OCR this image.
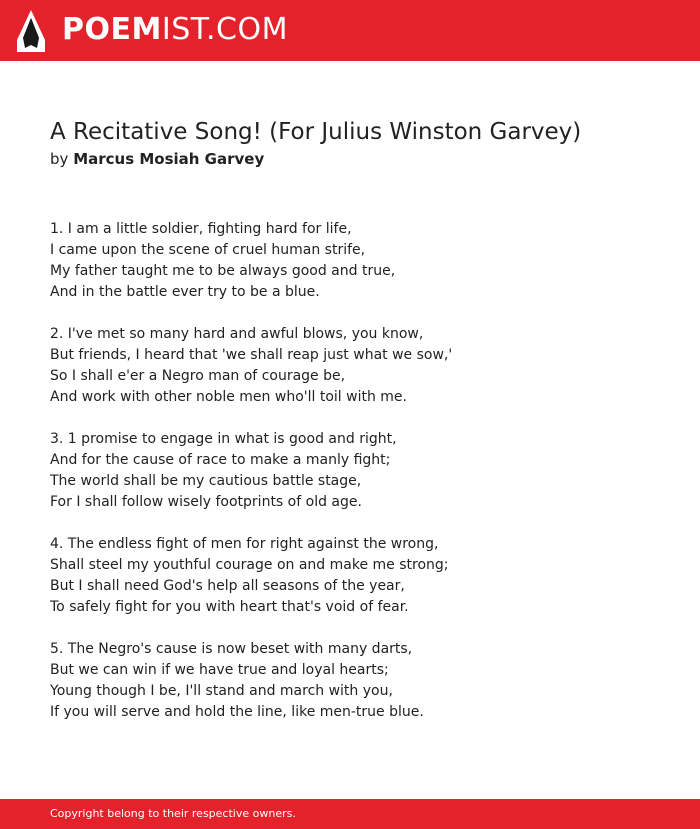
POEMIST.COM
A Recitative Song! (For Julius Winston Garvey)
by Marcus Mosiah Garvey
1. I am a little soldier, fighting hard for life,
I came upon the scene of cruel human strife,
My father taught me to be always good and true,
And in the battle ever try to be a blue.
2. I've met so many hard and awful blows, you know,
But friends, I heard that 'we shall reap just what we sow,'
So I shall e'er a Negro man of courage be,
And work with other noble men who'll toil with me.
3. 1 promise to engage in what is good and right,
And for the cause of race to make a manly fight;
The world shall be my cautious battle stage,
For I shall follow wisely footprints of old age.
4. The endless fight of men for right against the wrong,
Shall steel my youthful courage on and make me strong;
But I shall need God's help all seasons of the year,
To safely fight for you with heart that's void of fear.
5. The Negro's cause is now beset with many darts,
But we can win if we have true and loyal hearts;
Young though I be, I'll stand and march with you,
If you will serve and hold the line, like men-true blue.
Copyright belong to their respective owners.
